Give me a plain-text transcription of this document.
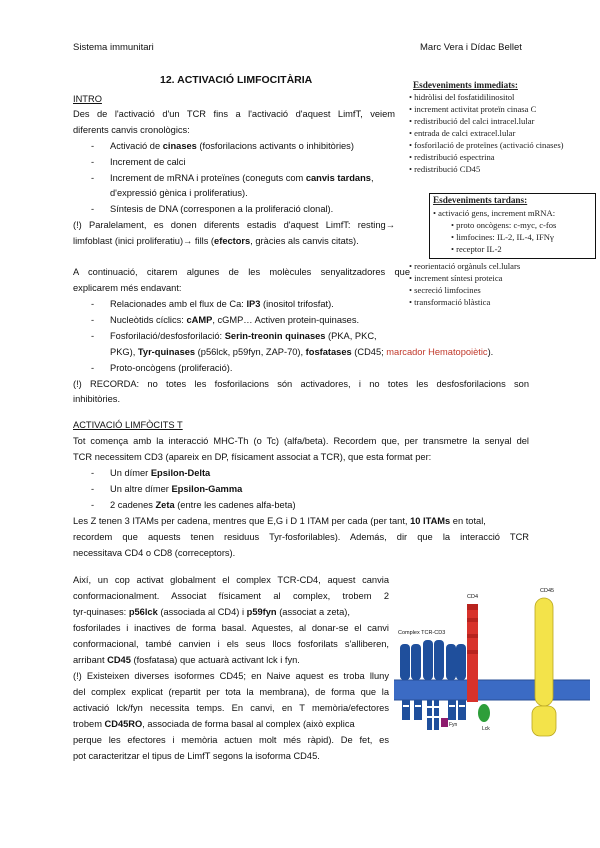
Sistema immunitari	Marc Vera i Dídac Bellet
12. ACTIVACIÓ LIMFOCITÀRIA
INTRO
Des de l'activació d'un TCR fins a l'activació d'aquest LimfT, veiem
diferents canvis cronològics:
- Activació de cinases (fosforilacions activants o inhibitòries)
- Increment de calci
- Increment de mRNA i proteïnes (coneguts com canvis tardans,
d'expressió gènica i proliferatius).
- Síntesis de DNA (corresponen a la proliferació clonal).
(!) Paralelament, es donen diferents estadis d'aquest LimfT: resting→
limfoblast (inici proliferatiu)→ fills (efectors, gràcies als canvis citats).
A continuació, citarem algunes de les molècules senyalitzadores que
explicarem més endavant:
- Relacionades amb el flux de Ca: IP3 (inositol trifosfat).
- Nucleòtids cíclics: cAMP, cGMP… Activen protein-quinases.
- Fosforilació/desfosforilació: Serin-treonin quinases (PKA, PKC,
PKG), Tyr-quinases (p56lck, p59fyn, ZAP-70), fosfatases (CD45; marcador Hematopoiètic).
- Proto-oncògens (proliferació).
(!) RECORDA: no totes les fosforilacions són activadores, i no totes les desfosforilacions son
inhibitòries.
Esdeveniments immediats:
• hidròlisi del fosfatidilinositol
• increment activitat proteïn cinasa C
• redistribució del calci intracel.lular
• entrada de calci extracel.lular
• fosforilació de proteïnes (activació cinases)
• redistribució espectrina
• redistribució CD45
Esdeveniments tardans:
• activació gens, increment mRNA:
• proto oncògens: c-myc, c-fos
• limfocines: IL-2, IL-4, IFNγ
• receptor IL-2
• reorientació orgànuls cel.lulars
• increment síntesi proteica
• secreció limfocines
• transformació blàstica
ACTIVACIÓ LIMFÒCITS T
Tot comença amb la interacció MHC-Th (o Tc) (alfa/beta). Recordem que, per transmetre la senyal del
TCR necessitem CD3 (apareix en DP, físicament associat a TCR), que esta format per:
- Un dímer Epsilon-Delta
- Un altre dímer Epsilon-Gamma
- 2 cadenes Zeta (entre les cadenes alfa-beta)
Les Z tenen 3 ITAMs per cadena, mentres que E,G i D 1 ITAM per cada (per tant, 10 ITAMs en total,
recordem que aquests tenen residuus Tyr-fosforilables). Además, dir que la interacció TCR
necessitava CD4 o CD8 (correceptors).
Així, un cop activat globalment el complex TCR-CD4, aquest canvia
conformacionalment. Associat físicament al complex, trobem 2
tyr-quinases: p56lck (associada al CD4) i p59fyn (associat a zeta),
fosforilades i inactives de forma basal. Aquestes, al donar-se el canvi
conformacional, també canvien i els seus llocs fosforilats s'alliberen,
arribant CD45 (fosfatasa) que actuarà activant lck i fyn.
(!) Existeixen diverses isoformes CD45; en Naive aquest es troba lluny
del complex explicat (repartit per tota la membrana), de forma que la
activació lck/fyn necessita temps. En canvi, en T memòria/efectores
trobem CD45RO, associada de forma basal al complex (això explica
perque les efectores i memòria actuen molt més ràpid). De fet, es
pot caracteritzar el tipus de LimfT segons la isoforma CD45.
CD45
CD4
Lck
Complex TCR-CD3
Fyn
